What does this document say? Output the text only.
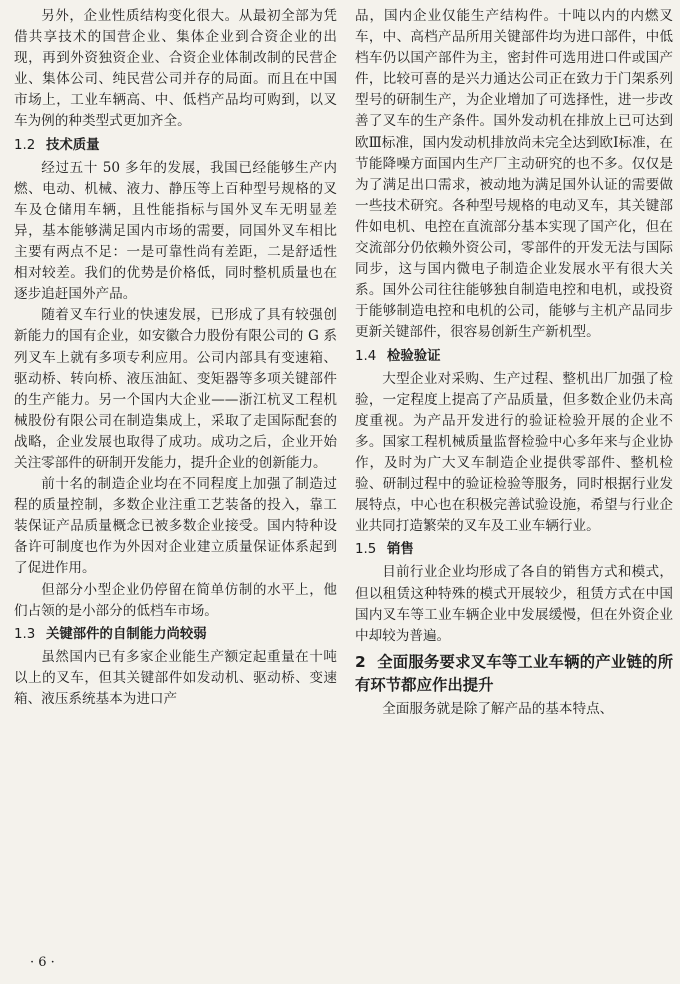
另外，企业性质结构变化很大。从最初全部为凭借共享技术的国营企业、集体企业到合资企业的出现，再到外资独资企业、合资企业体制改制的民营企业、集体公司、纯民营公司并存的局面。而且在中国市场上，工业车辆高、中、低档产品均可购到，以叉车为例的种类型式更加齐全。

1.2 技术质量

经过五十 50 多年的发展，我国已经能够生产内燃、电动、机械、液力、静压等上百种型号规格的叉车及仓储用车辆，且性能指标与国外叉车无明显差异，基本能够满足国内市场的需要，同国外叉车相比主要有两点不足：一是可靠性尚有差距，二是舒适性相对较差。我们的优势是价格低，同时整机质量也在逐步追赶国外产品。

随着叉车行业的快速发展，已形成了具有较强创新能力的国有企业，如安徽合力股份有限公司的 G 系列叉车上就有多项专利应用。公司内部具有变速箱、驱动桥、转向桥、液压油缸、变矩器等多项关键部件的生产能力。另一个国内大企业——浙江杭叉工程机械股份有限公司在制造集成上，采取了走国际配套的战略，企业发展也取得了成功。成功之后，企业开始关注零部件的研制开发能力，提升企业的创新能力。

前十名的制造企业均在不同程度上加强了制造过程的质量控制，多数企业注重工艺装备的投入，靠工装保证产品质量概念已被多数企业接受。国内特种设备许可制度也作为外因对企业建立质量保证体系起到了促进作用。

但部分小型企业仍停留在简单仿制的水平上，他们占领的是小部分的低档车市场。

1.3 关键部件的自制能力尚较弱

虽然国内已有多家企业能生产额定起重量在十吨以上的叉车，但其关键部件如发动机、驱动桥、变速箱、液压系统基本为进口产

品，国内企业仅能生产结构件。十吨以内的内燃叉车，中、高档产品所用关键部件均为进口部件，中低档车仍以国产部件为主，密封件可选用进口件或国产件，比较可喜的是兴力通达公司正在致力于门架系列型号的研制生产，为企业增加了可选择性，进一步改善了叉车的生产条件。国外发动机在排放上已可达到欧Ⅲ标准，国内发动机排放尚未完全达到欧Ⅰ标准，在节能降噪方面国内生产厂主动研究的也不多。仅仅是为了满足出口需求，被动地为满足国外认证的需要做一些技术研究。各种型号规格的电动叉车，其关键部件如电机、电控在直流部分基本实现了国产化，但在交流部分仍依赖外资公司，零部件的开发无法与国际同步，这与国内微电子制造企业发展水平有很大关系。国外公司往往能够独自制造电控和电机，或投资于能够制造电控和电机的公司，能够与主机产品同步更新关键部件，很容易创新生产新机型。

1.4 检验验证

大型企业对采购、生产过程、整机出厂加强了检验，一定程度上提高了产品质量，但多数企业仍未高度重视。为产品开发进行的验证检验开展的企业不多。国家工程机械质量监督检验中心多年来与企业协作，及时为广大叉车制造企业提供零部件、整机检验、研制过程中的验证检验等服务，同时根据行业发展特点，中心也在积极完善试验设施，希望与行业企业共同打造繁荣的叉车及工业车辆行业。

1.5 销售

目前行业企业均形成了各自的销售方式和模式，但以租赁这种特殊的模式开展较少，租赁方式在中国国内叉车等工业车辆企业中发展缓慢，但在外资企业中却较为普遍。

2 全面服务要求叉车等工业车辆的产业链的所有环节都应作出提升

全面服务就是除了解产品的基本特点、

· 6 ·
